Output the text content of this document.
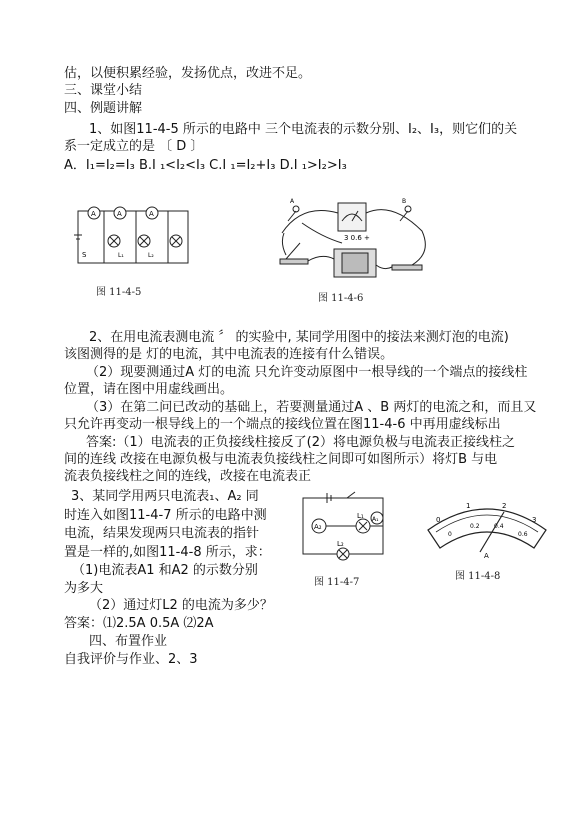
估，以便积累经验，发扬优点，改进不足。
三、课堂小结
四、例题讲解
1、如图11-4-5 所示的电路中 三个电流表的示数分别、I₂、I₃，则它们的关
系一定成立的是 〔 D 〕
A．I₁=I₂=I₃ B.I ₁<I₂<I₃ C.I ₁=I₂+I₃ D.I ₁>I₂>I₃
A	A	A
S	L₁	L₂
图 11-4-5
3 0.6 +
A	B
图 11-4-6
2、在用电流表测电流 〞 的实验中, 某同学用图中的接法来测灯泡的电流)
该图测得的是 灯的电流，其中电流表的连接有什么错误。
（2）现要测通过A 灯的电流 只允许变动原图中一根导线的一个端点的接线柱
位置，请在图中用虚线画出。
（3）在第二问已改动的基础上，若要测量通过A 、B 两灯的电流之和，而且又
只允许再变动一根导线上的一个端点的接线位置在图11-4-6 中再用虚线标出
答案:（1）电流表的正负接线柱接反了(2）将电源负极与电流表正接线柱之
间的连线 改接在电源负极与电流表负接线柱之间即可如图所示）将灯B 与电
流表负接线柱之间的连线，改接在电流表正
3、某同学用两只电流表₁、A₂ 同
时连入如图11-4-7 所示的电路中测
电流，结果发现两只电流表的指针
置是一样的,如图11-4-8 所示，求：
（1)电流表A1 和A2 的示数分别
为多大
（2）通过灯L2 的电流为多少？
答案：⑴2.5A 0.5A ⑵2A
四、布置作业
自我评价与作业、2、3
A₂
A₁
L₁
L₂
图 11-4-7
0
1	2
3
0
0.2 0.4
0.6
A
图 11-4-8
